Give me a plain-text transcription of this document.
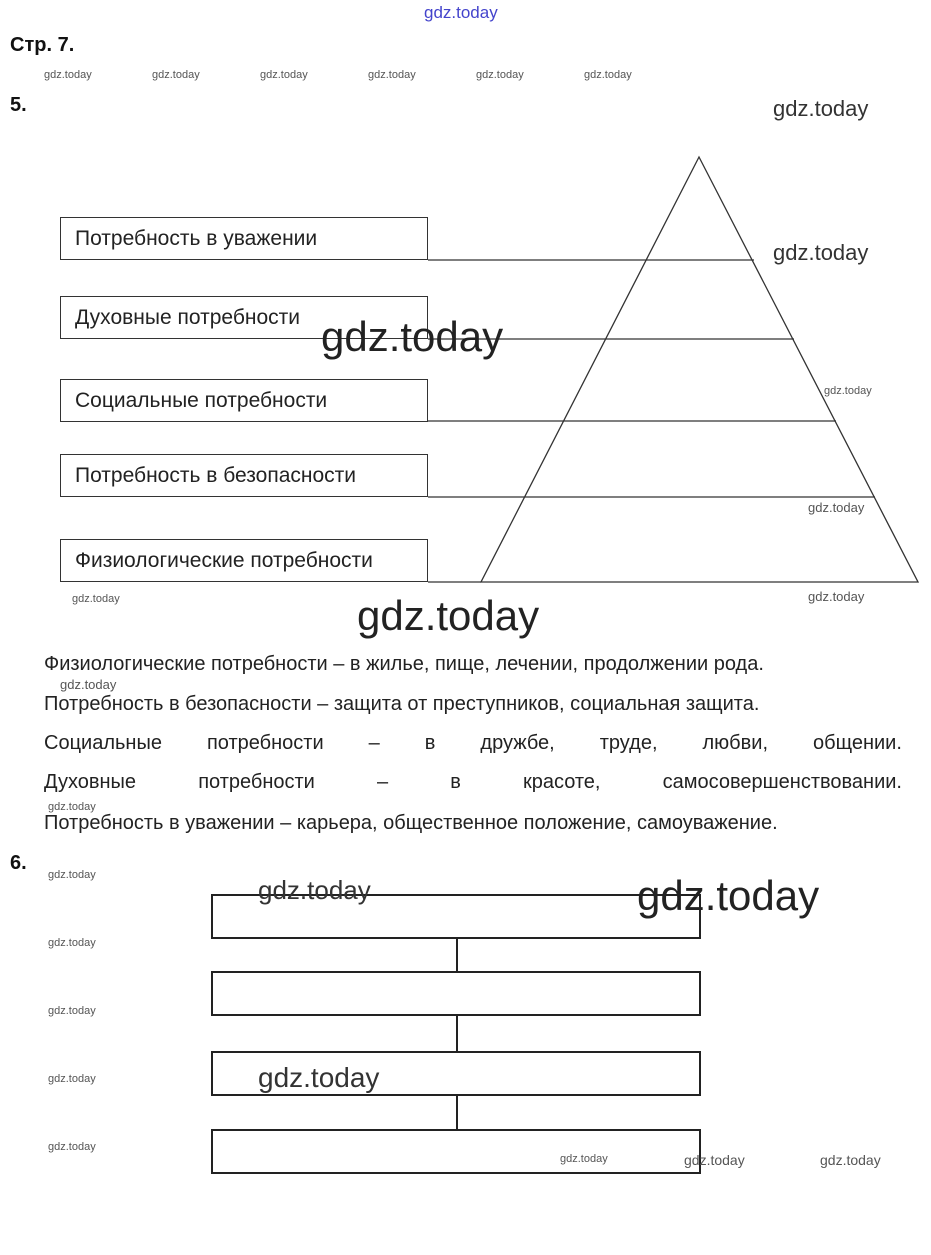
gdz.today
Стр. 7.
gdz.today	gdz.today	gdz.today	gdz.today	gdz.today	gdz.today
5.
Потребность в уважении
Духовные потребности
Социальные потребности
Потребность в безопасности
Физиологические потребности
gdz.today
gdz.today
gdz.today
gdz.today
gdz.today
gdz.today	gdz.today
gdz.today
Физиологические потребности – в жилье, пище, лечении, продолжении рода.
gdz.today
Потребность в безопасности – защита от преступников, социальная защита.
Социальные потребности – в дружбе, труде, любви, общении.
Духовные	потребности	–	в	красоте,	самосовершенствовании.
gdz.today
Потребность в уважении – карьера, общественное положение, самоуважение.
6.
gdz.today
gdz.today
gdz.today
gdz.today
gdz.today
gdz.today	gdz.today
gdz.today
gdz.today	gdz.today	gdz.today
